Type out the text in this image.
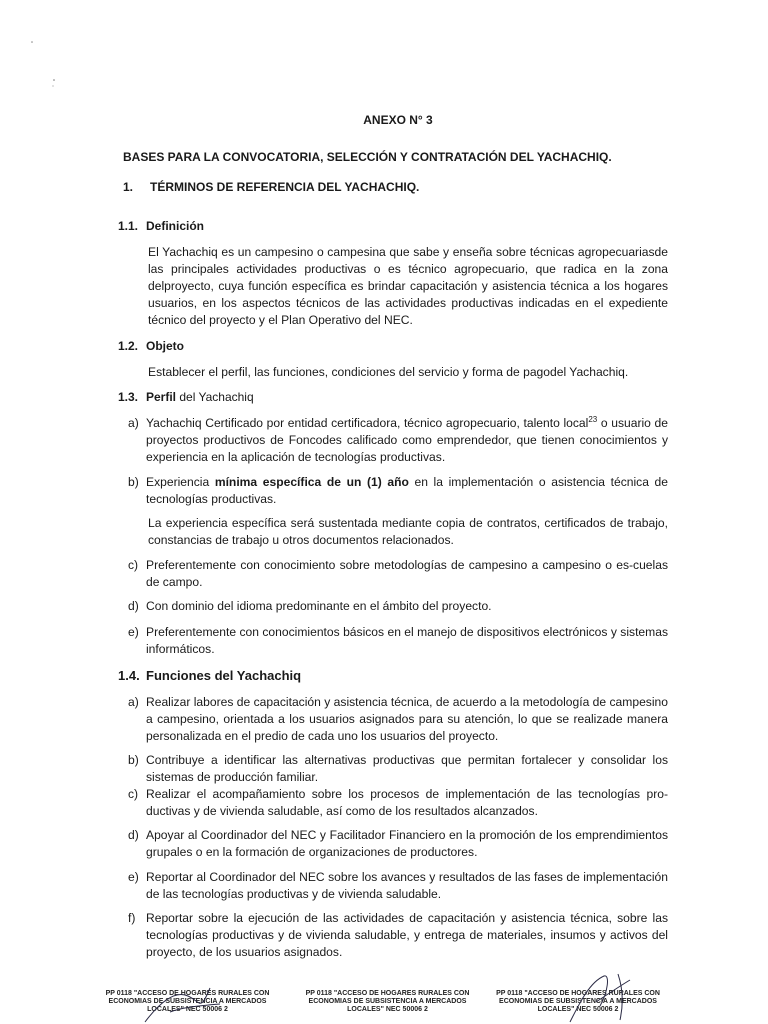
ANEXO N° 3
BASES PARA LA CONVOCATORIA, SELECCIÓN Y CONTRATACIÓN DEL YACHACHIQ.
1. TÉRMINOS DE REFERENCIA DEL YACHACHIQ.
1.1. Definición
El Yachachiq es un campesino o campesina que sabe y enseña sobre técnicas agropecuariasde las principales actividades productivas o es técnico agropecuario, que radica en la zona delproyecto, cuya función específica es brindar capacitación y asistencia técnica a los hogares usuarios, en los aspectos técnicos de las actividades productivas indicadas en el expediente técnico del proyecto y el Plan Operativo del NEC.
1.2. Objeto
Establecer el perfil, las funciones, condiciones del servicio y forma de pagodel Yachachiq.
1.3. Perfil del Yachachiq
a) Yachachiq Certificado por entidad certificadora, técnico agropecuario, talento local$^{23}$ o usuario de proyectos productivos de Foncodes calificado como emprendedor, que tienen conocimientos y experiencia en la aplicación de tecnologías productivas.
b) Experiencia mínima específica de un (1) año en la implementación o asistencia técnica de tecnologías productivas.
La experiencia específica será sustentada mediante copia de contratos, certificados de trabajo, constancias de trabajo u otros documentos relacionados.
c) Preferentemente con conocimiento sobre metodologías de campesino a campesino o es-cuelas de campo.
d) Con dominio del idioma predominante en el ámbito del proyecto.
e) Preferentemente con conocimientos básicos en el manejo de dispositivos electrónicos y sistemas informáticos.
1.4. Funciones del Yachachiq
a) Realizar labores de capacitación y asistencia técnica, de acuerdo a la metodología de campesino a campesino, orientada a los usuarios asignados para su atención, lo que se realizade manera personalizada en el predio de cada uno los usuarios del proyecto.
b) Contribuye a identificar las alternativas productivas que permitan fortalecer y consolidar los sistemas de producción familiar.
c) Realizar el acompañamiento sobre los procesos de implementación de las tecnologías pro-ductivas y de vivienda saludable, así como de los resultados alcanzados.
d) Apoyar al Coordinador del NEC y Facilitador Financiero en la promoción de los emprendimientos grupales o en la formación de organizaciones de productores.
e) Reportar al Coordinador del NEC sobre los avances y resultados de las fases de implementación de las tecnologías productivas y de vivienda saludable.
f) Reportar sobre la ejecución de las actividades de capacitación y asistencia técnica, sobre las tecnologías productivas y de vivienda saludable, y entrega de materiales, insumos y activos del proyecto, de los usuarios asignados.
PP 0118 "ACCESO DE HOGARES RURALES CON ECONOMIAS DE SUBSISTENCIA A MERCADOS LOCALES" NEC 50006 2
PP 0118 "ACCESO DE HOGARES RURALES CON ECONOMIAS DE SUBSISTENCIA A MERCADOS LOCALES" NEC 50006 2
PP 0118 "ACCESO DE HOGARES RURALES CON ECONOMIAS DE SUBSISTENCIA A MERCADOS LOCALES" NEC 50006 2
